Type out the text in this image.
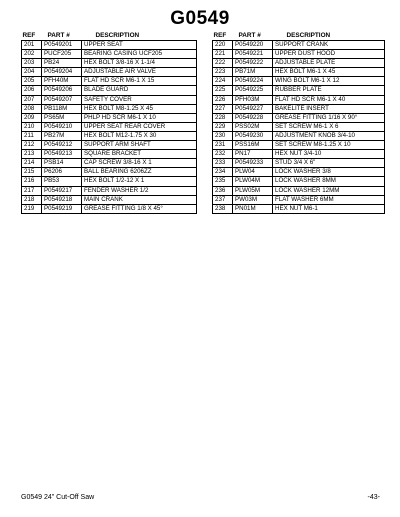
G0549
REF	PART #	DESCRIPTION
201	P0549201	UPPER SEAT
202	PUCF205	BEARING CASING UCF205
203	PB24	HEX BOLT 3/8-16 X 1-1/4
204	P0549204	ADJUSTABLE AIR VALVE
205	PFH40M	FLAT HD SCR M6-1 X 15
206	P0549206	BLADE GUARD
207	P0549207	SAFETY COVER
208	PB118M	HEX BOLT M8-1.25 X 45
209	PS65M	PHLP HD SCR M6-1 X 10
210	P0549210	UPPER SEAT REAR COVER
211	PB27M	HEX BOLT M12-1.75 X 30
212	P0549212	SUPPORT ARM SHAFT
213	P0549213	SQUARE BRACKET
214	PSB14	CAP SCREW 3/8-16 X 1
215	P6206	BALL BEARING 6206ZZ
216	PB53	HEX BOLT 1/2-12 X 1
217	P0549217	FENDER WASHER 1/2
218	P0549218	MAIN CRANK
219	P0549219	GREASE FITTING 1/8 X 45°
REF	PART #	DESCRIPTION
220	P0549220	SUPPORT CRANK
221	P0549221	UPPER DUST HOOD
222	P0549222	ADJUSTABLE PLATE
223	PB71M	HEX BOLT M6-1 X 45
224	P0549224	WING BOLT M6-1 X 12
225	P0549225	RUBBER PLATE
226	PFH03M	FLAT HD SCR M6-1 X 40
227	P0549227	BAKELITE INSERT
228	P0549228	GREASE FITTING 1/16 X 90°
229	PSS02M	SET SCREW M6-1 X 6
230	P0549230	ADJUSTMENT KNOB 3/4-10
231	PSS16M	SET SCREW M8-1.25 X 10
232	PN17	HEX NUT 3/4-10
233	P0549233	STUD 3/4 X 6"
234	PLW04	LOCK WASHER 3/8
235	PLW04M	LOCK WASHER 8MM
236	PLW05M	LOCK WASHER 12MM
237	PW03M	FLAT WASHER 6MM
238	PN01M	HEX NUT M6-1
G0549 24" Cut-Off Saw	-43-
